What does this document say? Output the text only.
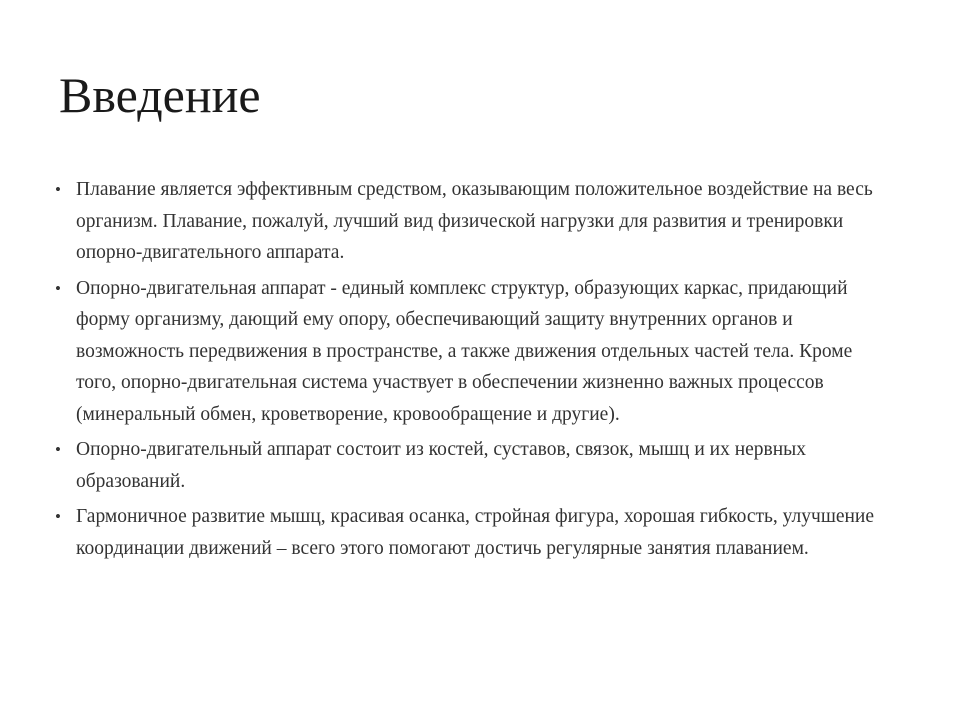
Введение
• Плавание является эффективным средством, оказывающим положительное воздействие на весь организм. Плавание, пожалуй, лучший вид физической нагрузки для развития и тренировки опорно-двигательного аппарата.
• Опорно-двигательная аппарат - единый комплекс структур, образующих каркас, придающий форму организму, дающий ему опору, обеспечивающий защиту внутренних органов и возможность передвижения в пространстве, а также движения отдельных частей тела. Кроме того, опорно-двигательная система участвует в обеспечении жизненно важных процессов (минеральный обмен, кроветворение, кровообращение и другие).
• Опорно-двигательный аппарат состоит из костей, суставов, связок, мышц и их нервных образований.
• Гармоничное развитие мышц, красивая осанка, стройная фигура, хорошая гибкость, улучшение координации движений – всего этого помогают достичь регулярные занятия плаванием.
